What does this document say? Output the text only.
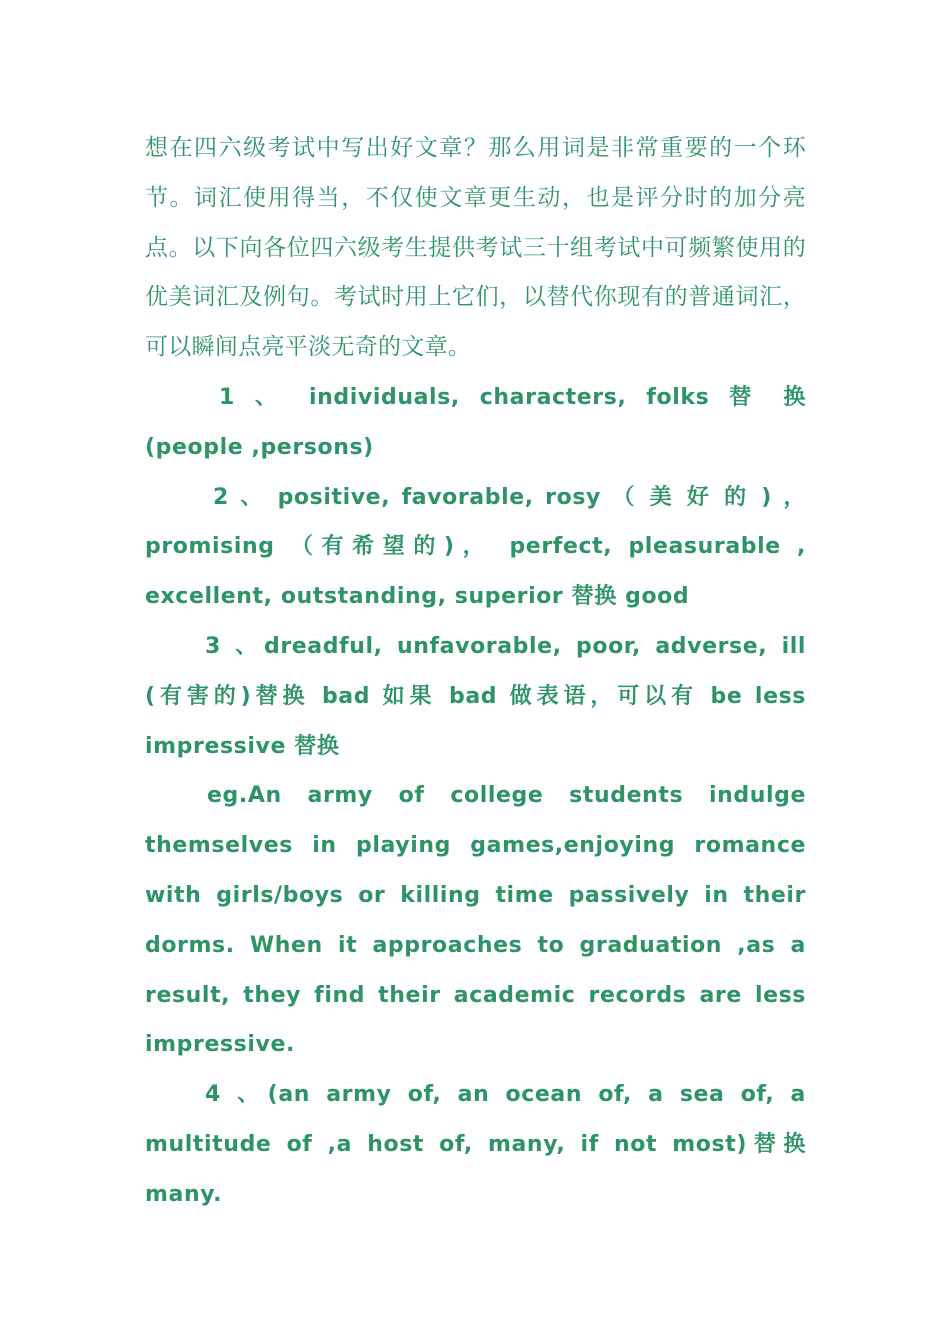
想在四六级考试中写出好文章？那么用词是非常重要的一个环节。词汇使用得当，不仅使文章更生动，也是评分时的加分亮点。以下向各位四六级考生提供考试三十组考试中可频繁使用的优美词汇及例句。考试时用上它们，以替代你现有的普通词汇，可以瞬间点亮平淡无奇的文章。

1 、 individuals, characters, folks 替 换 (people ,persons)

2 、 positive, favorable, rosy （ 美 好 的 ) ， promising （有希望的)， perfect, pleasurable , excellent, outstanding, superior 替换 good

3 、dreadful, unfavorable, poor, adverse, ill (有害的)替换 bad 如果 bad 做表语，可以有 be less impressive 替换

eg.An army of college students indulge themselves in playing games,enjoying romance with girls/boys or killing time passively in their dorms. When it approaches to graduation ,as a result, they find their academic records are less impressive.

4 、(an army of, an ocean of, a sea of, a multitude of ,a host of, many, if not most)替换 many.
